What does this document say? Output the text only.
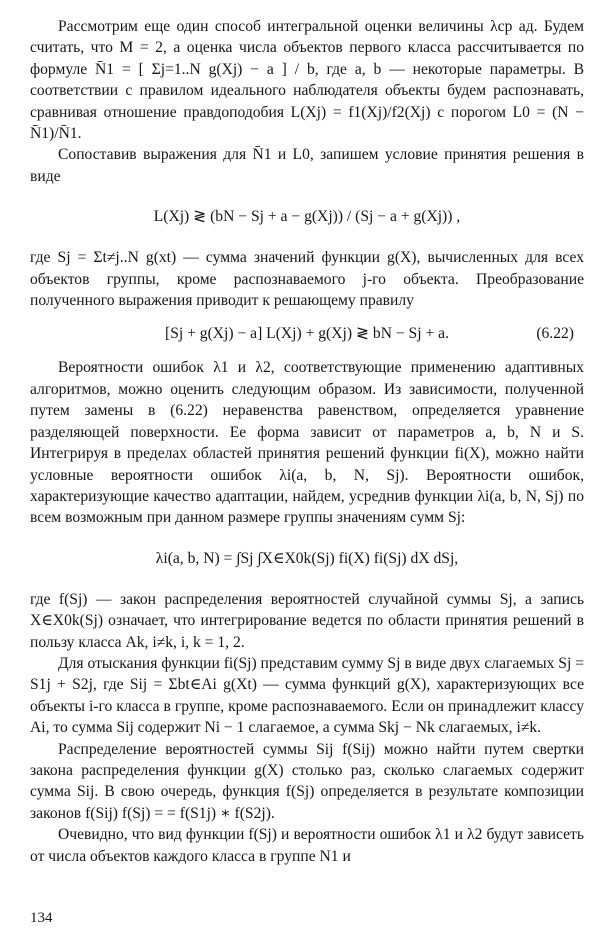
Рассмотрим еще один способ интегральной оценки величины λср ад. Будем считать, что M = 2, а оценка числа объектов первого класса рассчитывается по формуле N̄1 = [ Σj=1..N g(Xj) − a ] / b, где a, b — некоторые параметры. В соответствии с правилом идеального наблюдателя объекты будем распознавать, сравнивая отношение правдоподобия L(Xj) = f1(Xj)/f2(Xj) с порогом L0 = (N − N̄1)/N̄1.

Сопоставив выражения для N̄1 и L0, запишем условие принятия решения в виде

L(Xj) ≷ (bN − Sj + a − g(Xj)) / (Sj − a + g(Xj)) ,

где Sj = Σt≠j..N g(xt) — сумма значений функции g(X), вычисленных для всех объектов группы, кроме распознаваемого j-го объекта. Преобразование полученного выражения приводит к решающему правилу

[Sj + g(Xj) − a] L(Xj) + g(Xj) ≷ bN − Sj + a.	(6.22)

Вероятности ошибок λ1 и λ2, соответствующие применению адаптивных алгоритмов, можно оценить следующим образом. Из зависимости, полученной путем замены в (6.22) неравенства равенством, определяется уравнение разделяющей поверхности. Ее форма зависит от параметров a, b, N и S. Интегрируя в пределах областей принятия решений функции fi(X), можно найти условные вероятности ошибок λi(a, b, N, Sj). Вероятности ошибок, характеризующие качество адаптации, найдем, усреднив функции λi(a, b, N, Sj) по всем возможным при данном размере группы значениям сумм Sj:

λi(a, b, N) = ∫Sj ∫X∈X0k(Sj) fi(X) fi(Sj) dX dSj,

где f(Sj) — закон распределения вероятностей случайной суммы Sj, а запись X∈X0k(Sj) означает, что интегрирование ведется по области принятия решений в пользу класса Ak, i≠k, i, k = 1, 2.

Для отыскания функции fi(Sj) представим сумму Sj в виде двух слагаемых Sj = S1j + S2j, где Sij = Σbt∈Ai g(Xt) — сумма функций g(X), характеризующих все объекты i-го класса в группе, кроме распознаваемого. Если он принадлежит классу Ai, то сумма Sij содержит Ni − 1 слагаемое, а сумма Skj − Nk слагаемых, i≠k.

Распределение вероятностей суммы Sij f(Sij) можно найти путем свертки закона распределения функции g(X) столько раз, сколько слагаемых содержит сумма Sij. В свою очередь, функция f(Sj) определяется в результате композиции законов f(Sij) f(Sj) = = f(S1j) ∗ f(S2j).

Очевидно, что вид функции f(Sj) и вероятности ошибок λ1 и λ2 будут зависеть от числа объектов каждого класса в группе N1 и

134
